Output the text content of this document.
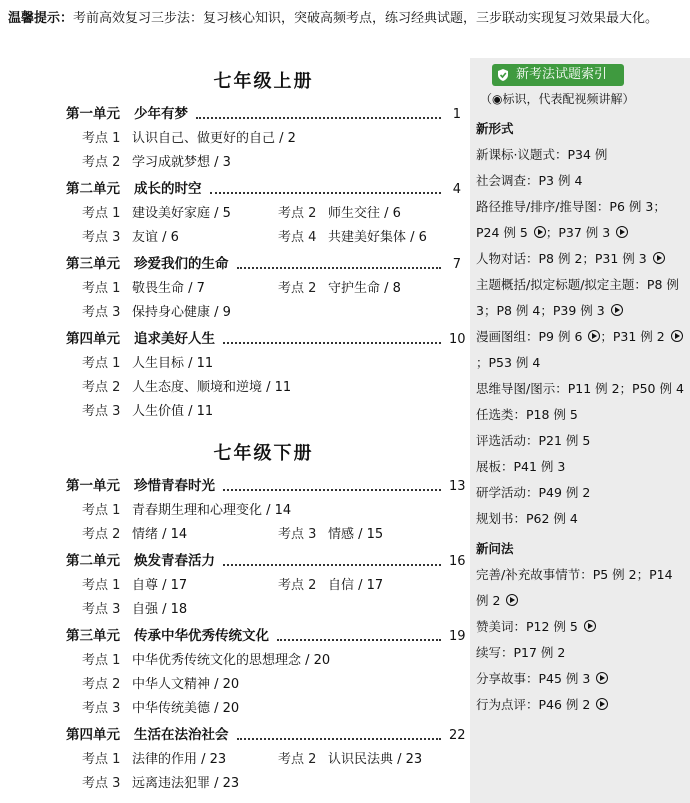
温馨提示：考前高效复习三步法：复习核心知识，突破高频考点，练习经典试题，三步联动实现复习效果最大化。
七年级上册
第一单元 少年有梦	1
考点 1 认识自己、做更好的自己 / 2
考点 2 学习成就梦想 / 3
第二单元 成长的时空	4
考点 1 建设美好家庭 / 5	考点 2 师生交往 / 6
考点 3 友谊 / 6	考点 4 共建美好集体 / 6
第三单元 珍爱我们的生命	7
考点 1 敬畏生命 / 7	考点 2 守护生命 / 8
考点 3 保持身心健康 / 9
第四单元 追求美好人生	10
考点 1 人生目标 / 11
考点 2 人生态度、顺境和逆境 / 11
考点 3 人生价值 / 11
七年级下册
第一单元 珍惜青春时光	13
考点 1 青春期生理和心理变化 / 14
考点 2 情绪 / 14	考点 3 情感 / 15
第二单元 焕发青春活力	16
考点 1 自尊 / 17	考点 2 自信 / 17
考点 3 自强 / 18
第三单元 传承中华优秀传统文化	19
考点 1 中华优秀传统文化的思想理念 / 20
考点 2 中华人文精神 / 20
考点 3 中华传统美德 / 20
第四单元 生活在法治社会	22
考点 1 法律的作用 / 23	考点 2 认识民法典 / 23
考点 3 远离违法犯罪 / 23
新考法试题索引
（◉标识，代表配视频讲解）
新形式
新课标·议题式：P34 例
社会调查：P3 例 4
路径推导/排序/推导图：P6 例 3；P24 例 5 ；P37 例 3
人物对话：P8 例 2；P31 例 3
主题概括/拟定标题/拟定主题：P8 例 3；P8 例 4；P39 例 3
漫画图组：P9 例 6 ；P31 例 2 ；P53 例 4
思维导图/图示：P11 例 2；P50 例 4
任选类：P18 例 5
评选活动：P21 例 5
展板：P41 例 3
研学活动：P49 例 2
规划书：P62 例 4
新问法
完善/补充故事情节：P5 例 2；P14 例 2
赞美词：P12 例 5
续写：P17 例 2
分享故事：P45 例 3
行为点评：P46 例 2
